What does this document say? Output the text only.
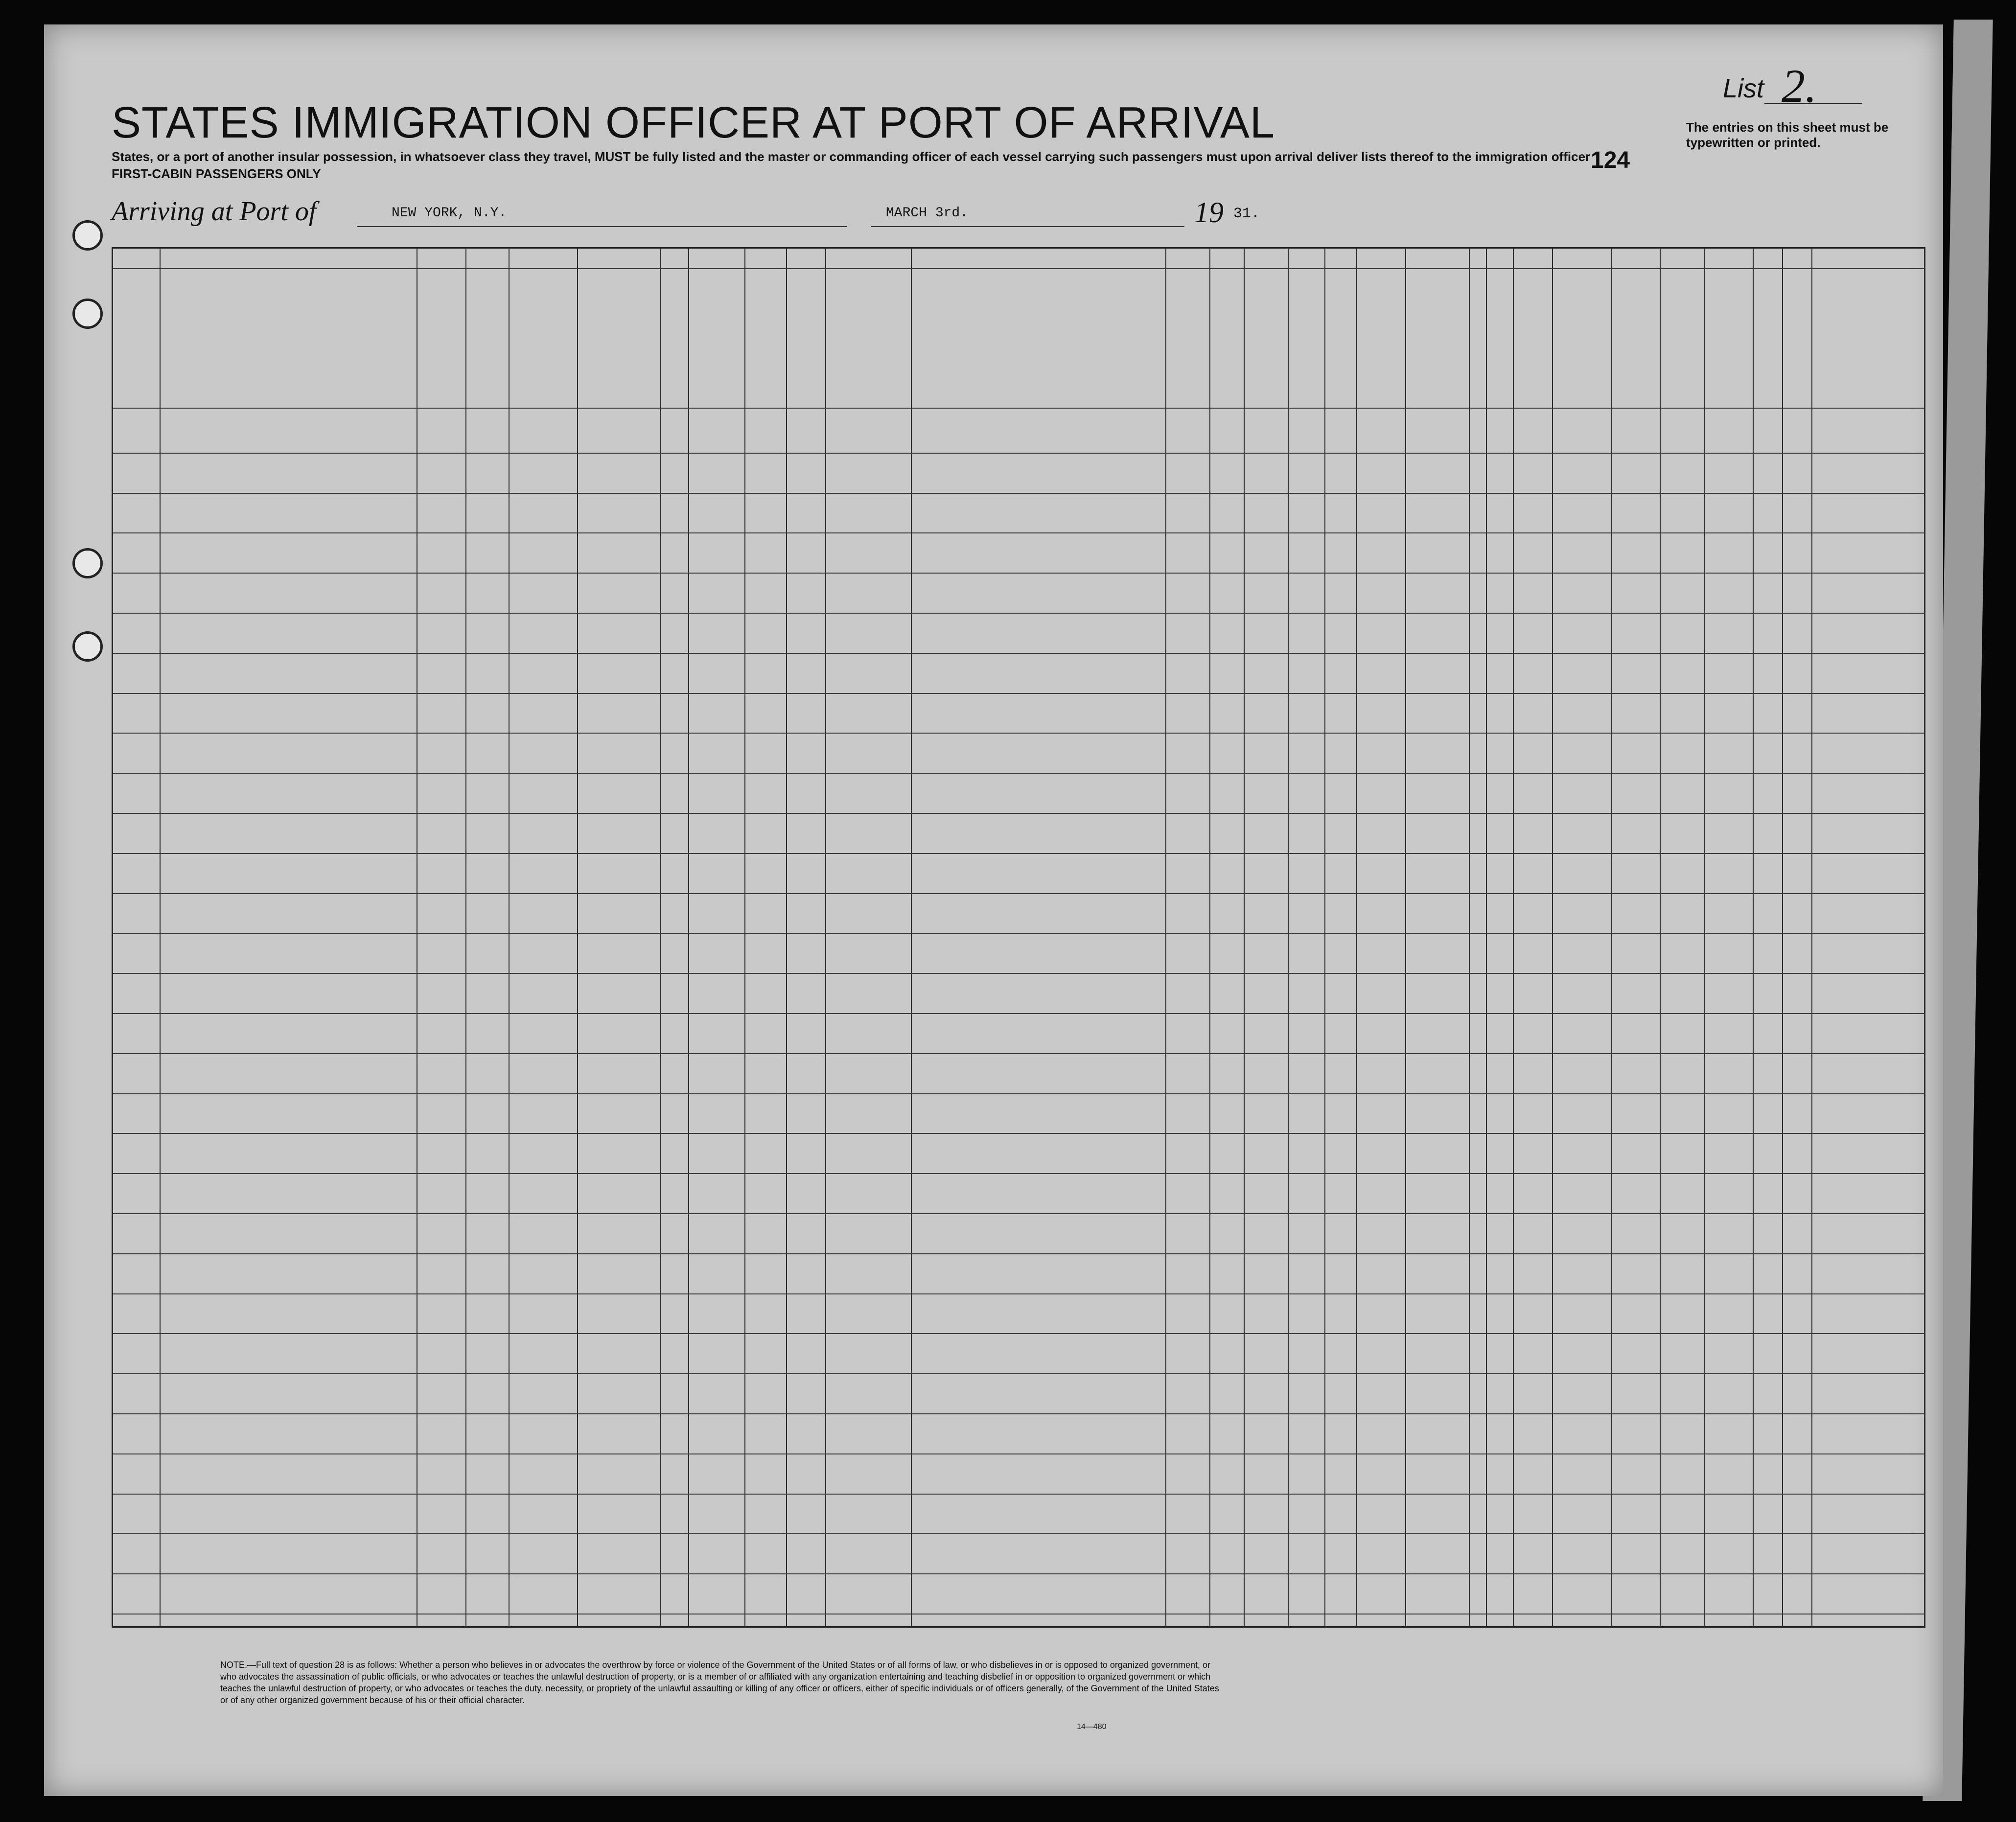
STATES IMMIGRATION OFFICER AT PORT OF ARRIVAL
States, or a port of another insular possession, in whatsoever class they travel, MUST be fully listed and the master or commanding officer of each vessel carrying such passengers must upon arrival deliver lists thereof to the immigration officer
FIRST-CABIN PASSENGERS ONLY
124
List 2.
The entries on this sheet must be typewritten or printed.
Arriving at Port of	NEW YORK, N.Y.	MARCH 3rd.	19 31.
NOTE.—Full text of question 28 is as follows: Whether a person who believes in or advocates the overthrow by force or violence of the Government of the United States or of all forms of law, or who disbelieves in or is opposed to organized government, or who advocates the assassination of public officials, or who advocates or teaches the unlawful destruction of property, or is a member of or affiliated with any organization entertaining and teaching disbelief in or opposition to organized government or which teaches the unlawful destruction of property, or who advocates or teaches the duty, necessity, or propriety of the unlawful assaulting or killing of any officer or officers, either of specific individuals or of officers generally, of the Government of the United States or of any other organized government because of his or their official character.
14—480
